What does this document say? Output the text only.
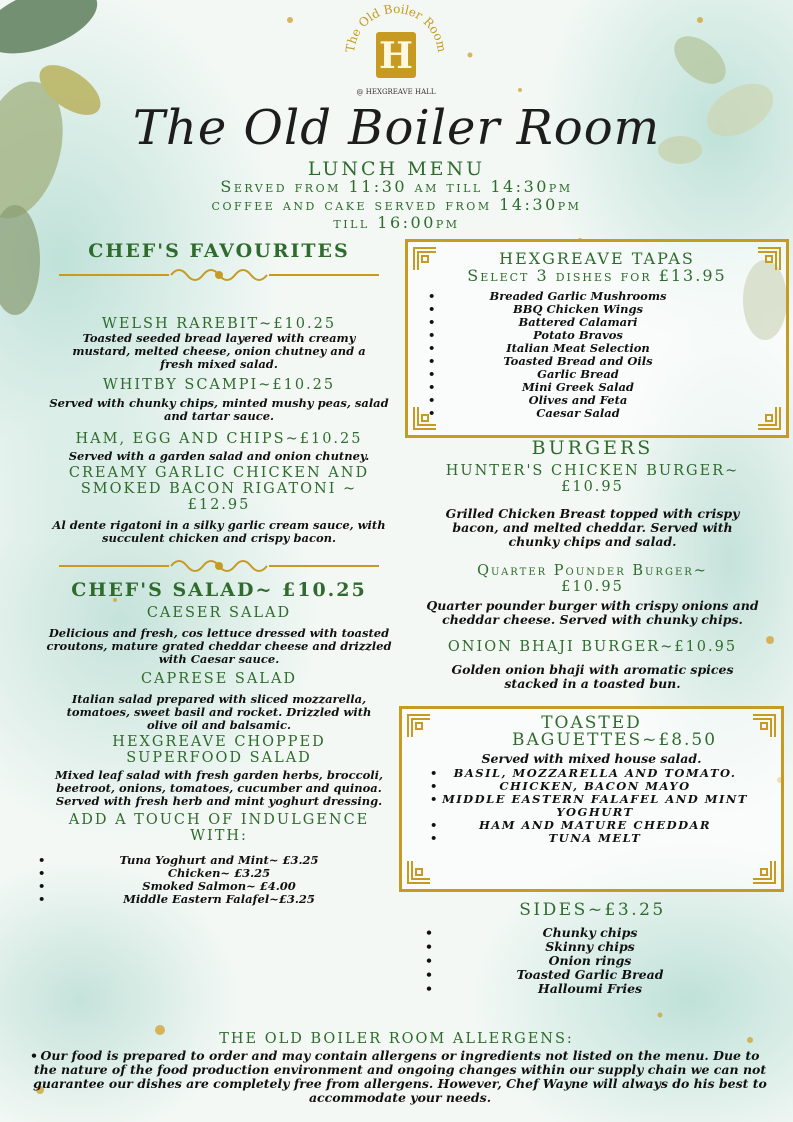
The Old Boiler Room
H
@ HEXGREAVE HALL
The Old Boiler Room
LUNCH MENU
Served from 11:30 am till 14:30pm
coffee and cake served from 14:30pm
till 16:00pm
CHEF'S FAVOURITES
WELSH RAREBIT~£10.25
Toasted seeded bread layered with creamy mustard, melted cheese, onion chutney and a fresh mixed salad.
WHITBY SCAMPI~£10.25
Served with chunky chips, minted mushy peas, salad and tartar sauce.
HAM, EGG AND CHIPS~£10.25
Served with a garden salad and onion chutney.
CREAMY GARLIC CHICKEN AND SMOKED BACON RIGATONI ~ £12.95
Al dente rigatoni in a silky garlic cream sauce, with succulent chicken and crispy bacon.
CHEF'S SALAD~ £10.25
CAESER SALAD
Delicious and fresh, cos lettuce dressed with toasted croutons, mature grated cheddar cheese and drizzled with Caesar sauce.
CAPRESE SALAD
Italian salad prepared with sliced mozzarella, tomatoes, sweet basil and rocket. Drizzled with olive oil and balsamic.
HEXGREAVE CHOPPED SUPERFOOD SALAD
Mixed leaf salad with fresh garden herbs, broccoli, beetroot, onions, tomatoes, cucumber and quinoa. Served with fresh herb and mint yoghurt dressing.
ADD A TOUCH OF INDULGENCE WITH:
• Tuna Yoghurt and Mint~ £3.25
• Chicken~ £3.25
• Smoked Salmon~ £4.00
• Middle Eastern Falafel~£3.25
HEXGREAVE TAPAS
Select 3 dishes for £13.95
• Breaded Garlic Mushrooms
• BBQ Chicken Wings
• Battered Calamari
• Potato Bravos
• Italian Meat Selection
• Toasted Bread and Oils
• Garlic Bread
• Mini Greek Salad
• Olives and Feta
• Caesar Salad
BURGERS
HUNTER'S CHICKEN BURGER~ £10.95
Grilled Chicken Breast topped with crispy bacon, and melted cheddar. Served with chunky chips and salad.
Quarter Pounder Burger~ £10.95
Quarter pounder burger with crispy onions and cheddar cheese. Served with chunky chips.
ONION BHAJI BURGER~£10.95
Golden onion bhaji with aromatic spices stacked in a toasted bun.
TOASTED BAGUETTES~£8.50
Served with mixed house salad.
• BASIL, MOZZARELLA AND TOMATO.
• CHICKEN, BACON MAYO
• MIDDLE EASTERN FALAFEL AND MINT YOGHURT
• HAM AND MATURE CHEDDAR
• TUNA MELT
SIDES~£3.25
• Chunky chips
• Skinny chips
• Onion rings
• Toasted Garlic Bread
• Halloumi Fries
THE OLD BOILER ROOM ALLERGENS:
• Our food is prepared to order and may contain allergens or ingredients not listed on the menu. Due to the nature of the food production environment and ongoing changes within our supply chain we can not guarantee our dishes are completely free from allergens. However, Chef Wayne will always do his best to accommodate your needs.
